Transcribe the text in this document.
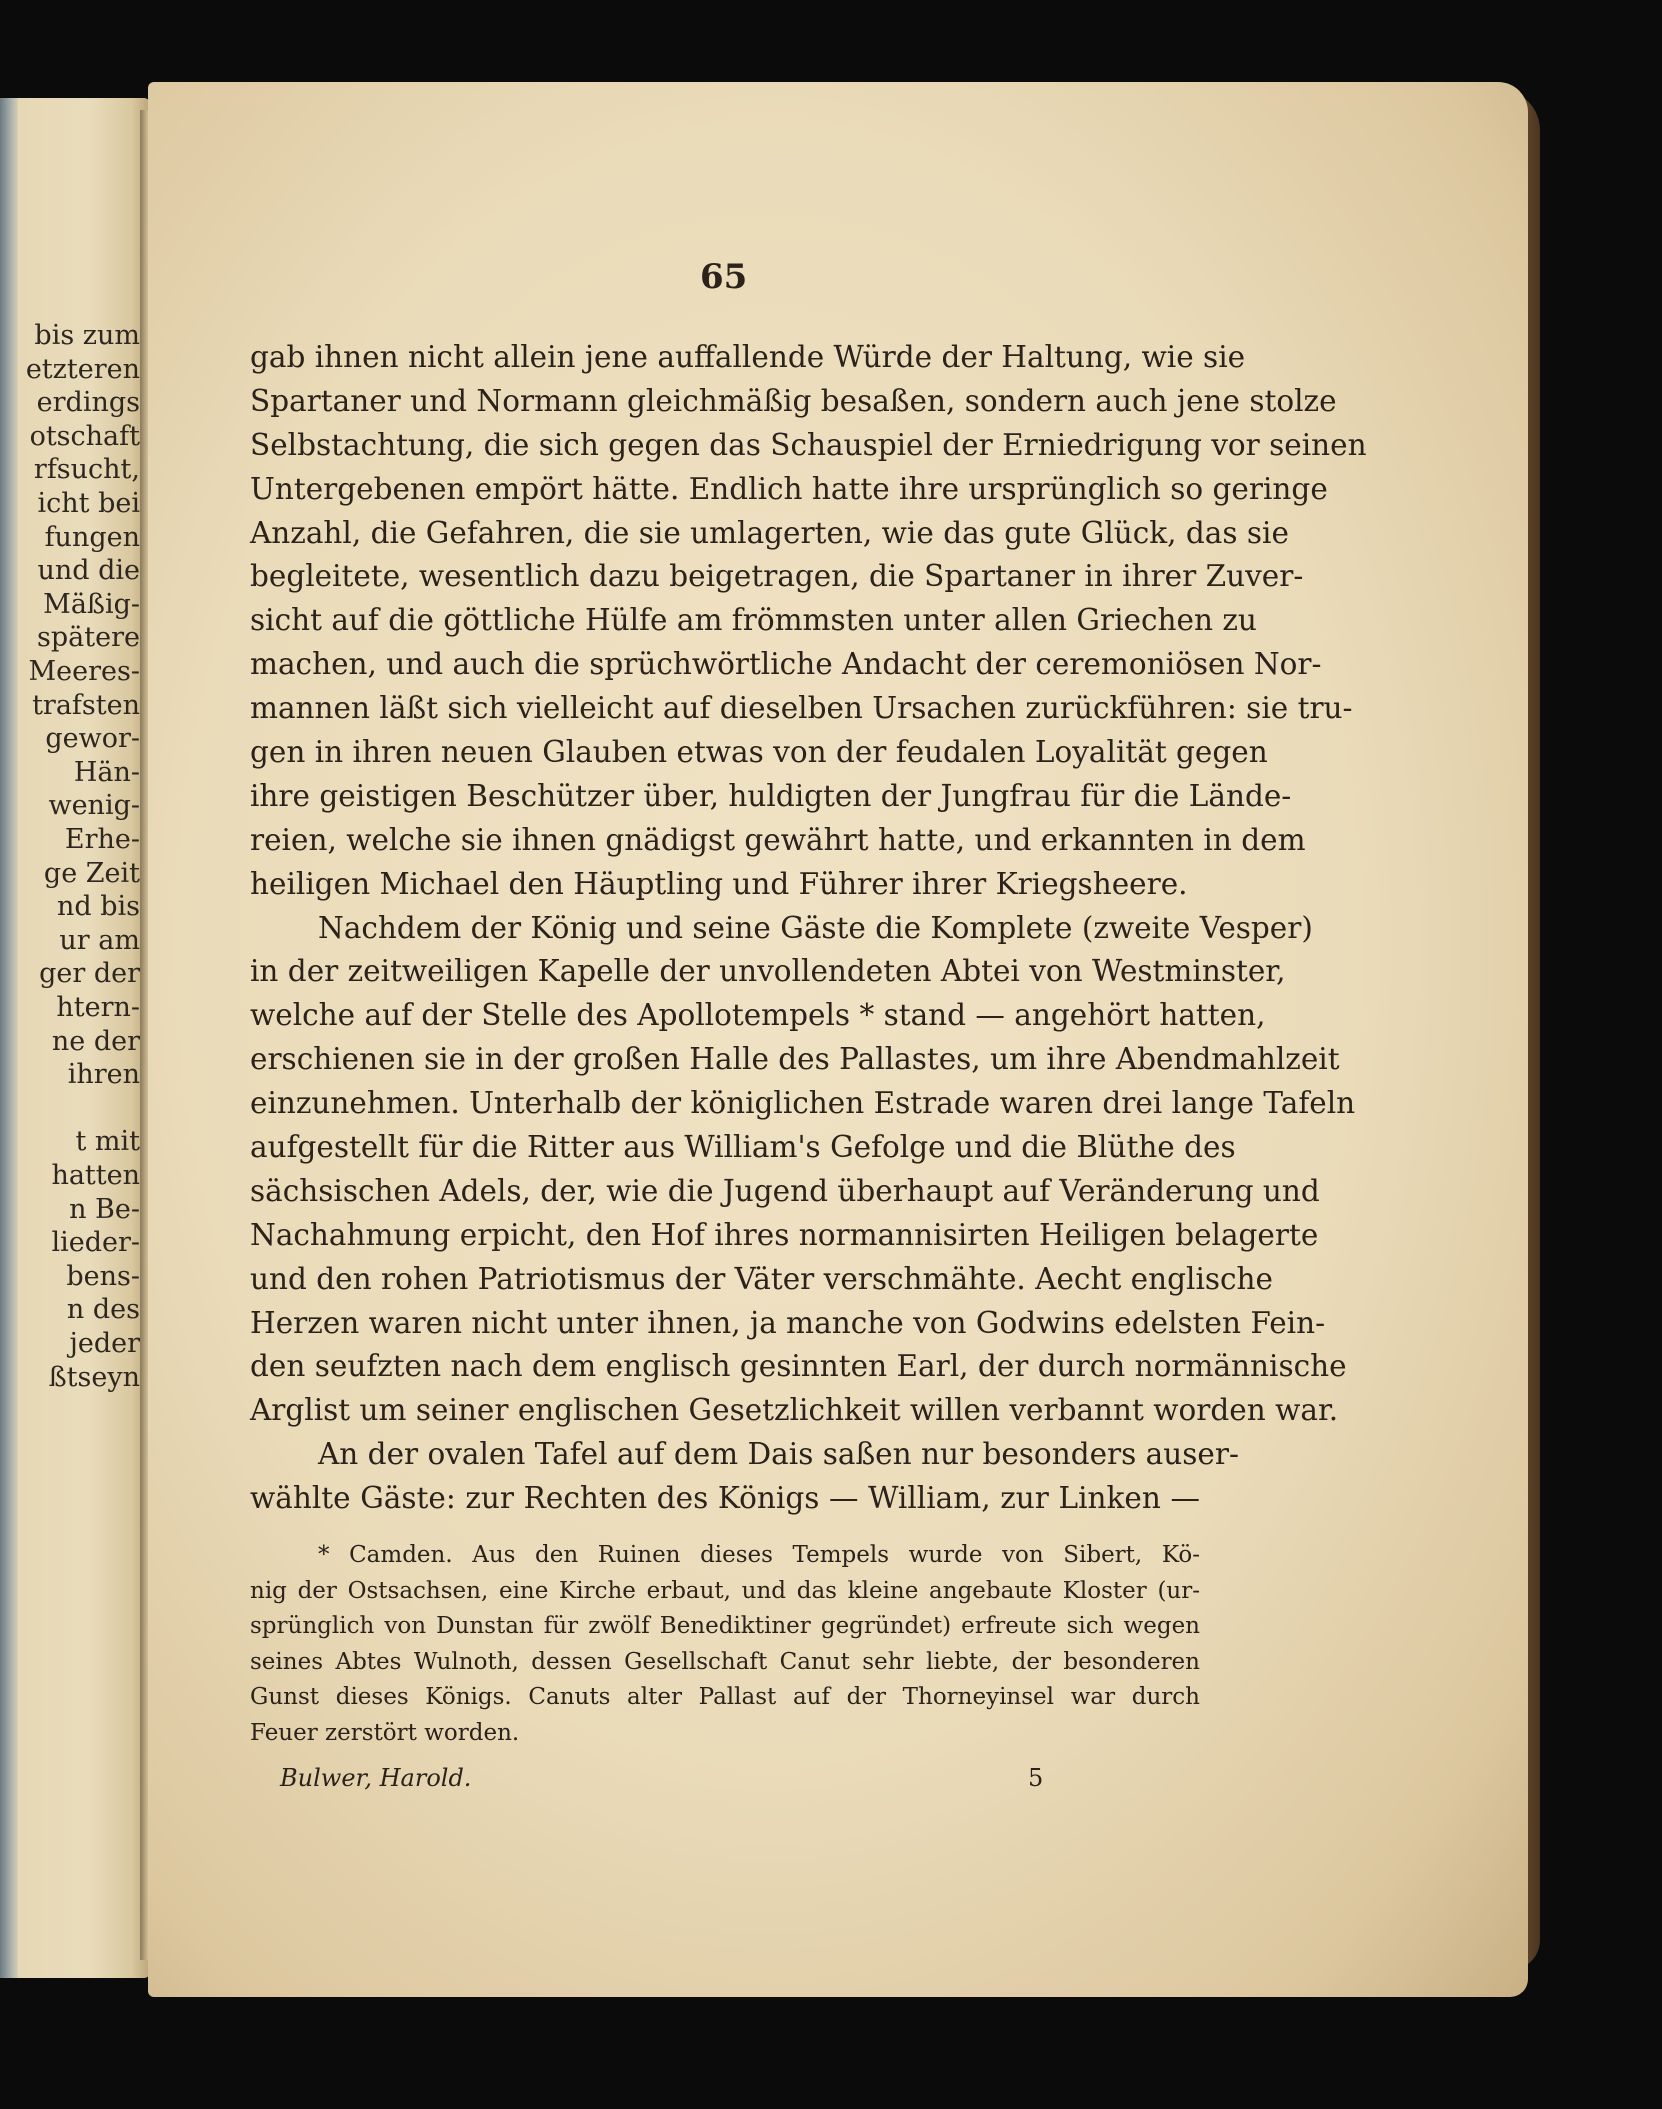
bis zum
etzteren
erdings
otschaft
rfsucht,
icht bei
fungen
und die
Mäßig-
spätere
Meeres-
trafsten
gewor-
Hän-
wenig-
Erhe-
ge Zeit
nd bis
ur am
ger der
htern-
ne der
ihren
t mit
hatten
n Be-
lieder-
bens-
n des
jeder
ßtseyn
65
gab ihnen nicht allein jene auffallende Würde der Haltung, wie sie
Spartaner und Normann gleichmäßig besaßen, sondern auch jene stolze
Selbstachtung, die sich gegen das Schauspiel der Erniedrigung vor seinen
Untergebenen empört hätte. Endlich hatte ihre ursprünglich so geringe
Anzahl, die Gefahren, die sie umlagerten, wie das gute Glück, das sie
begleitete, wesentlich dazu beigetragen, die Spartaner in ihrer Zuver-
sicht auf die göttliche Hülfe am frömmsten unter allen Griechen zu
machen, und auch die sprüchwörtliche Andacht der ceremoniösen Nor-
mannen läßt sich vielleicht auf dieselben Ursachen zurückführen: sie tru-
gen in ihren neuen Glauben etwas von der feudalen Loyalität gegen
ihre geistigen Beschützer über, huldigten der Jungfrau für die Lände-
reien, welche sie ihnen gnädigst gewährt hatte, und erkannten in dem
heiligen Michael den Häuptling und Führer ihrer Kriegsheere.
Nachdem der König und seine Gäste die Komplete (zweite Vesper)
in der zeitweiligen Kapelle der unvollendeten Abtei von Westminster,
welche auf der Stelle des Apollotempels * stand — angehört hatten,
erschienen sie in der großen Halle des Pallastes, um ihre Abendmahlzeit
einzunehmen. Unterhalb der königlichen Estrade waren drei lange Tafeln
aufgestellt für die Ritter aus William's Gefolge und die Blüthe des
sächsischen Adels, der, wie die Jugend überhaupt auf Veränderung und
Nachahmung erpicht, den Hof ihres normannisirten Heiligen belagerte
und den rohen Patriotismus der Väter verschmähte. Aecht englische
Herzen waren nicht unter ihnen, ja manche von Godwins edelsten Fein-
den seufzten nach dem englisch gesinnten Earl, der durch normännische
Arglist um seiner englischen Gesetzlichkeit willen verbannt worden war.
An der ovalen Tafel auf dem Dais saßen nur besonders auser-
wählte Gäste: zur Rechten des Königs — William, zur Linken —
* Camden. Aus den Ruinen dieses Tempels wurde von Sibert, Kö-
nig der Ostsachsen, eine Kirche erbaut, und das kleine angebaute Kloster (ur-
sprünglich von Dunstan für zwölf Benediktiner gegründet) erfreute sich wegen
seines Abtes Wulnoth, dessen Gesellschaft Canut sehr liebte, der besonderen
Gunst dieses Königs. Canuts alter Pallast auf der Thorneyinsel war durch
Feuer zerstört worden.
Bulwer, Harold.	5
